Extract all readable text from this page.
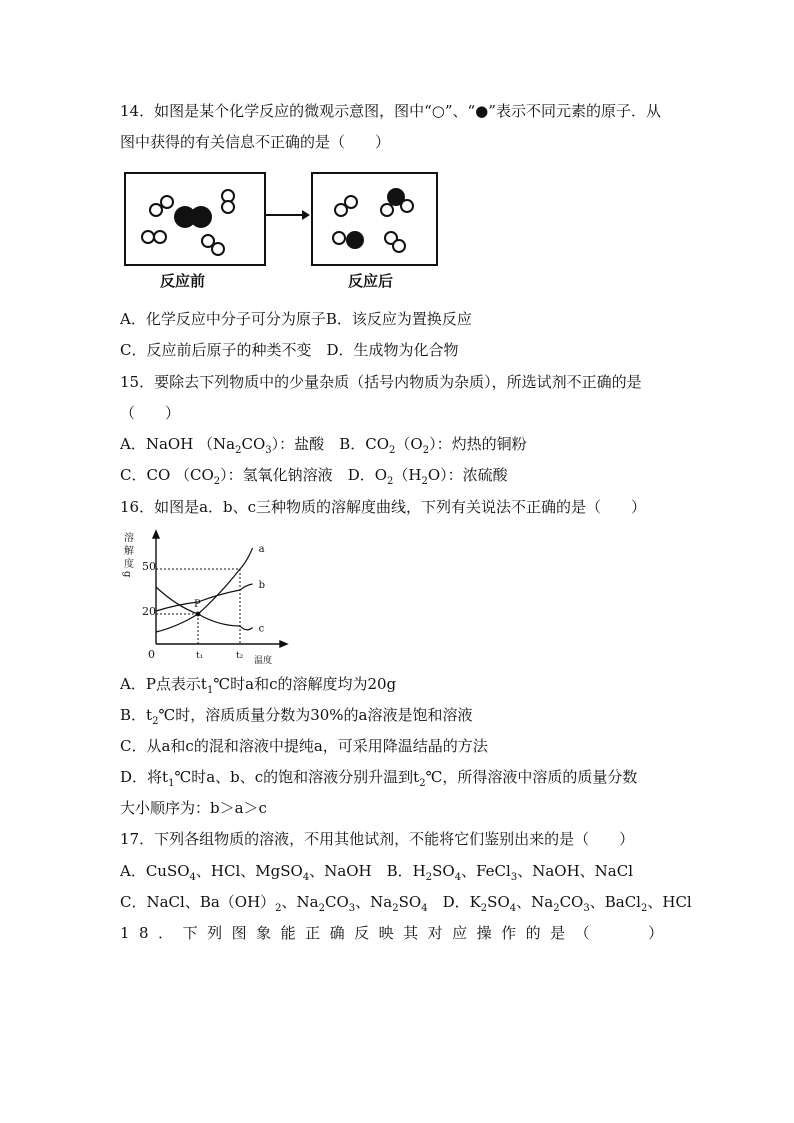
14．如图是某个化学反应的微观示意图，图中“○”、“●”表示不同元素的原子．从
图中获得的有关信息不正确的是（　　）
反应前	反应后
A．化学反应中分子可分为原子B．该反应为置换反应
C．反应前后原子的种类不变　 D．生成物为化合物
15．要除去下列物质中的少量杂质（括号内物质为杂质），所选试剂不正确的是
（　　）
A．NaOH $(Na_2CO_3)$：盐酸　 B．$CO_2(O_2)$：灼热的铜粉
C．CO $(CO_2)$：氢氧化钠溶液　 D．$O_2(H_2O)$：浓硫酸
16．如图是a．b、c三种物质的溶解度曲线，下列有关说法不正确的是（　　）
溶解度g 50
20
0	t₁	t₂ 温度
P
a
b
c
A．P点表示$t_1℃$时a和c的溶解度均为20g
B．$t_2℃$时，溶质质量分数为30%的a溶液是饱和溶液
C．从a和c的混和溶液中提纯a，可采用降温结晶的方法
D．将$t_1℃$时a、b、c的饱和溶液分别升温到$t_2℃$，所得溶液中溶质的质量分数
大小顺序为：b＞a＞c
17．下列各组物质的溶液，不用其他试剂，不能将它们鉴别出来的是（　　）
A．CuSO$_4$、HCl、MgSO$_4$、NaOH  B．$H_2SO_4$、FeCl$_3$、NaOH、NaCl
C．NaCl、$Ba(OH)_2$、$Na_2CO_3$、$Na_2SO_4$  D．$K_2SO_4$、$Na_2CO_3$、BaCl$_2$、HCl
18．下列图象能正确反映其对应操作的是（　　）
